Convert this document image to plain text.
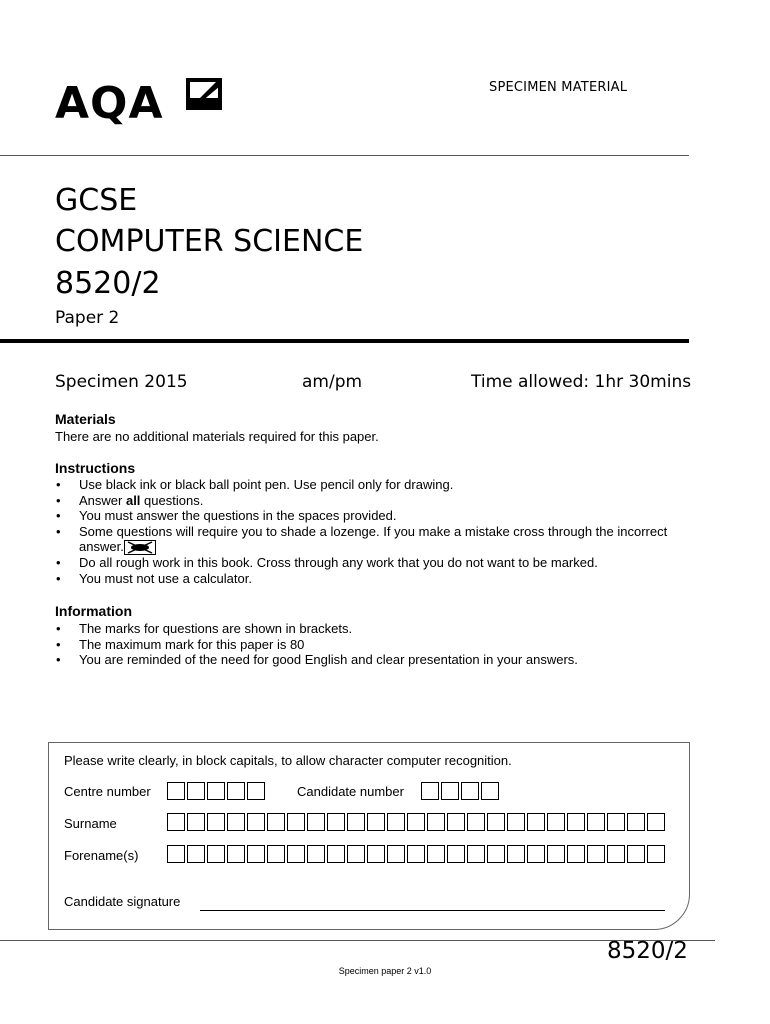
AQA	SPECIMEN MATERIAL
GCSE
COMPUTER SCIENCE
8520/2
Paper 2
Specimen 2015	am/pm	Time allowed: 1hr 30mins
Materials
There are no additional materials required for this paper.
Instructions
• Use black ink or black ball point pen. Use pencil only for drawing.
• Answer all questions.
• You must answer the questions in the spaces provided.
• Some questions will require you to shade a lozenge. If you make a mistake cross through the incorrect answer.
• Do all rough work in this book. Cross through any work that you do not want to be marked.
• You must not use a calculator.
Information
• The marks for questions are shown in brackets.
• The maximum mark for this paper is 80
• You are reminded of the need for good English and clear presentation in your answers.
Please write clearly, in block capitals, to allow character computer recognition.
Centre number	Candidate number
Surname
Forename(s)
Candidate signature
8520/2
Specimen paper 2 v1.0
